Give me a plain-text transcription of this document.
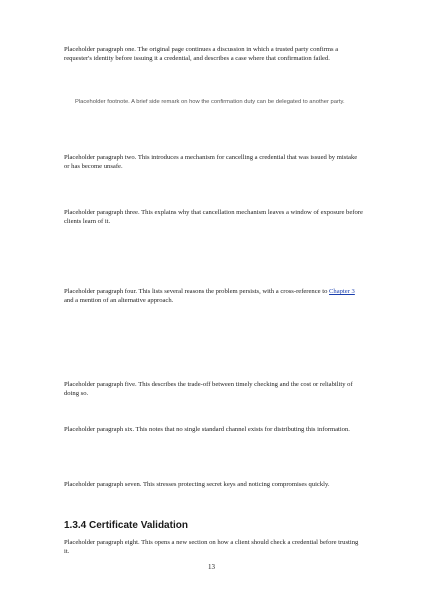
Placeholder paragraph one. The original page continues a discussion in which a trusted party confirms a requester's identity before issuing it a credential, and describes a case where that confirmation failed.

Placeholder footnote. A brief side remark on how the confirmation duty can be delegated to another party.

Placeholder paragraph two. This introduces a mechanism for cancelling a credential that was issued by mistake or has become unsafe.

Placeholder paragraph three. This explains why that cancellation mechanism leaves a window of exposure before clients learn of it.

Placeholder paragraph four. This lists several reasons the problem persists, with a cross-reference to Chapter 3 and a mention of an alternative approach.

Placeholder paragraph five. This describes the trade-off between timely checking and the cost or reliability of doing so.

Placeholder paragraph six. This notes that no single standard channel exists for distributing this information.

Placeholder paragraph seven. This stresses protecting secret keys and noticing compromises quickly.

1.3.4 Certificate Validation

Placeholder paragraph eight. This opens a new section on how a client should check a credential before trusting it.

13
